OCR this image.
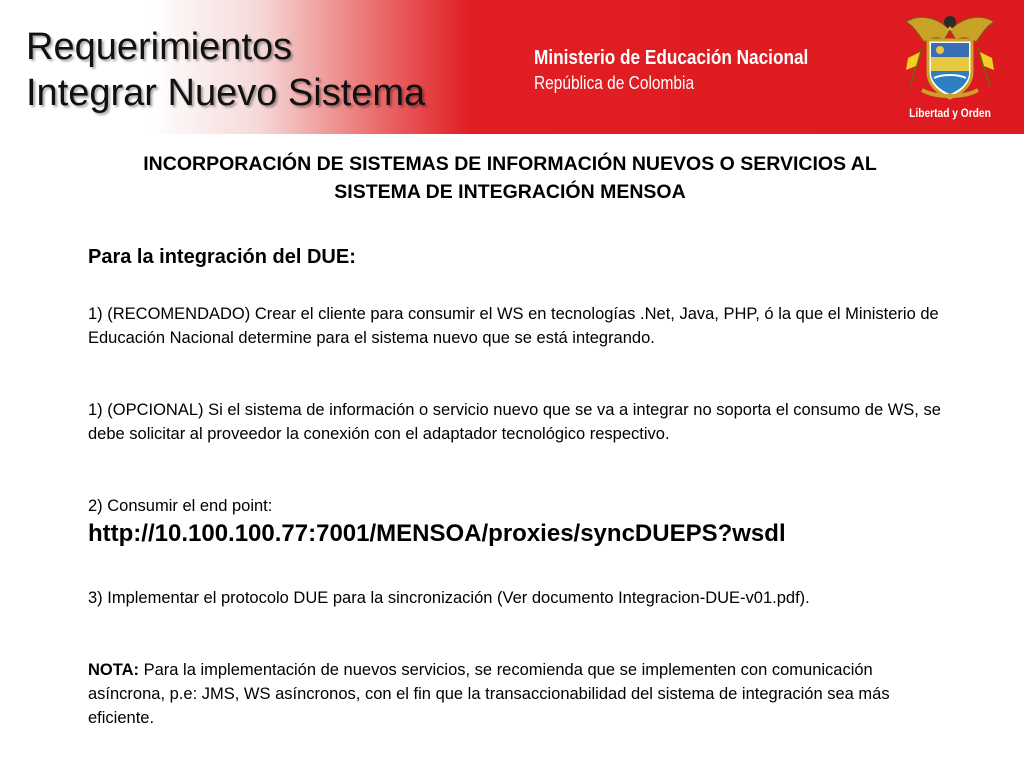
Requerimientos
Integrar Nuevo Sistema
Ministerio de Educación Nacional
República de Colombia
Libertad y Orden
INCORPORACIÓN DE SISTEMAS DE INFORMACIÓN NUEVOS O SERVICIOS AL SISTEMA DE INTEGRACIÓN MENSOA
Para la integración del DUE:

1) (RECOMENDADO) Crear el cliente para consumir el WS en tecnologías .Net, Java, PHP, ó la que el Ministerio de Educación Nacional determine para el sistema nuevo que se está integrando.

1) (OPCIONAL) Si el sistema de información o servicio nuevo que se va a integrar no soporta el consumo de WS, se debe solicitar al proveedor la conexión con el adaptador tecnológico respectivo.

2) Consumir el end point:

http://10.100.100.77:7001/MENSOA/proxies/syncDUEPS?wsdl

3) Implementar el protocolo DUE para la sincronización (Ver documento Integracion-DUE-v01.pdf).

NOTA: Para la implementación de nuevos servicios, se recomienda que se implementen con comunicación asíncrona, p.e: JMS, WS asíncronos, con el fin que la transaccionabilidad del sistema de integración sea más eficiente.
